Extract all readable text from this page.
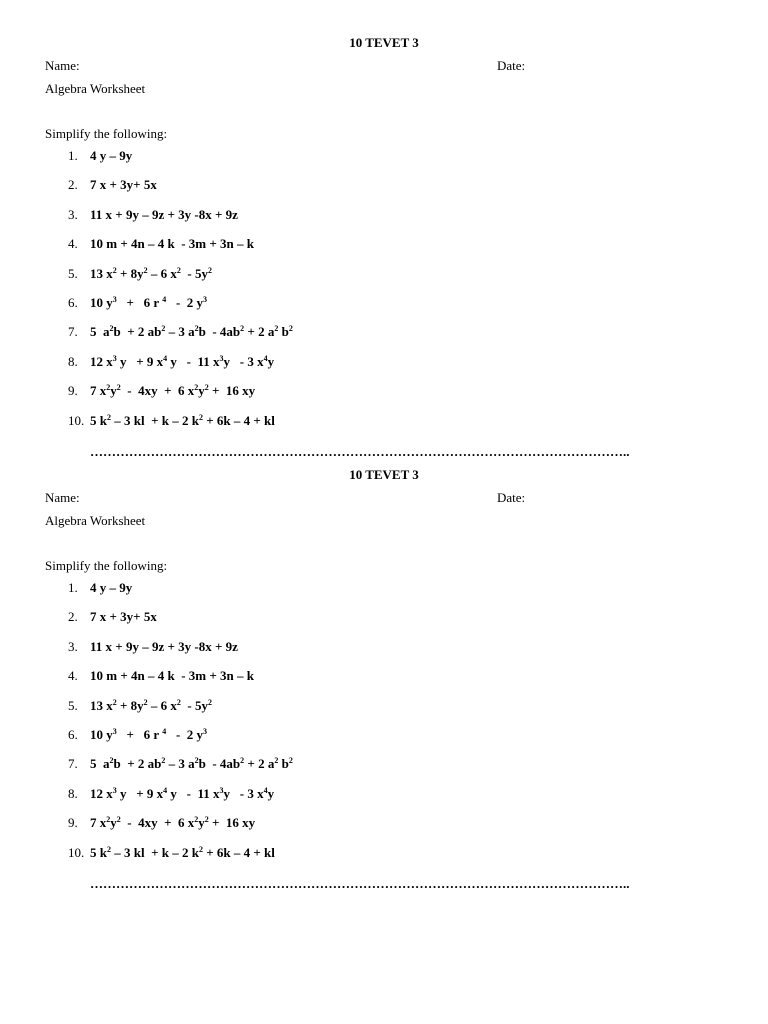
10 TEVET 3
Name:	Date:
Algebra Worksheet
Simplify the following:
1. 4 y – 9y
2. 7 x + 3y+ 5x
3. 11 x + 9y – 9z + 3y -8x + 9z
4. 10 m + 4n – 4 k  - 3m + 3n – k
5. 13 $x^2 + 8y^2 - 6$ $x^2 - 5y^2$
6. 10 $y^3 + 6$ r $^4$   -  2 $y^3$
7. 5  $a^2b + 2$ $ab^2 - 3$ $a^2b - 4ab^2 + 2$ $a^2$ $b^2$
8. 12 $x^3$ y   + 9 $x^4$ y   -  11 $x^3y - 3$ $x^4y$
9. 7 $x^2y^2 - 4xy + 6$ $x^2y^2 + 16$ xy
10. 5 $k^2 - 3$ kl  + k – 2 $k^2 + 6k - 4$ + kl
……………………………………………………………………………………………………………..
10 TEVET 3
Name:	Date:
Algebra Worksheet
Simplify the following:
1. 4 y – 9y
2. 7 x + 3y+ 5x
3. 11 x + 9y – 9z + 3y -8x + 9z
4. 10 m + 4n – 4 k  - 3m + 3n – k
5. 13 $x^2 + 8y^2 - 6$ $x^2 - 5y^2$
6. 10 $y^3 + 6$ r $^4$   -  2 $y^3$
7. 5  $a^2b + 2$ $ab^2 - 3$ $a^2b - 4ab^2 + 2$ $a^2$ $b^2$
8. 12 $x^3$ y   + 9 $x^4$ y   -  11 $x^3y - 3$ $x^4y$
9. 7 $x^2y^2 - 4xy + 6$ $x^2y^2 + 16$ xy
10. 5 $k^2 - 3$ kl  + k – 2 $k^2 + 6k - 4$ + kl
……………………………………………………………………………………………………………..
